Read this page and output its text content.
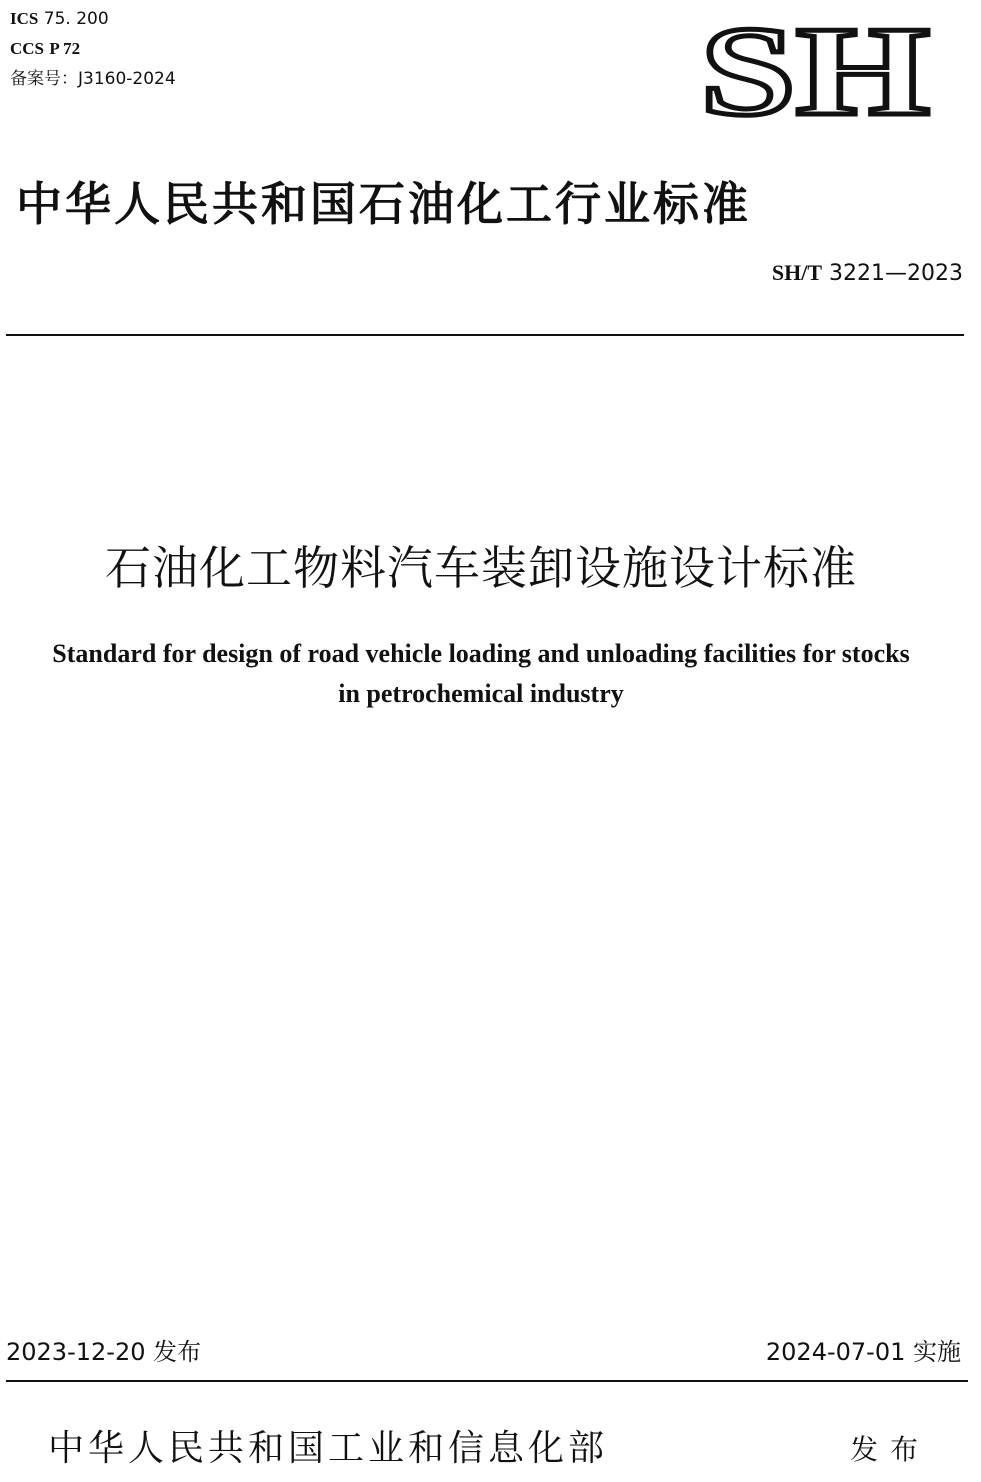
ICS 75. 200
CCS P 72
备案号：J3160-2024	SH
中华人民共和国石油化工行业标准
SH/T 3221—2023
石油化工物料汽车装卸设施设计标准
Standard for design of road vehicle loading and unloading facilities for stocks
in petrochemical industry
2023-12-20 发布	2024-07-01 实施
中华人民共和国工业和信息化部	发布
